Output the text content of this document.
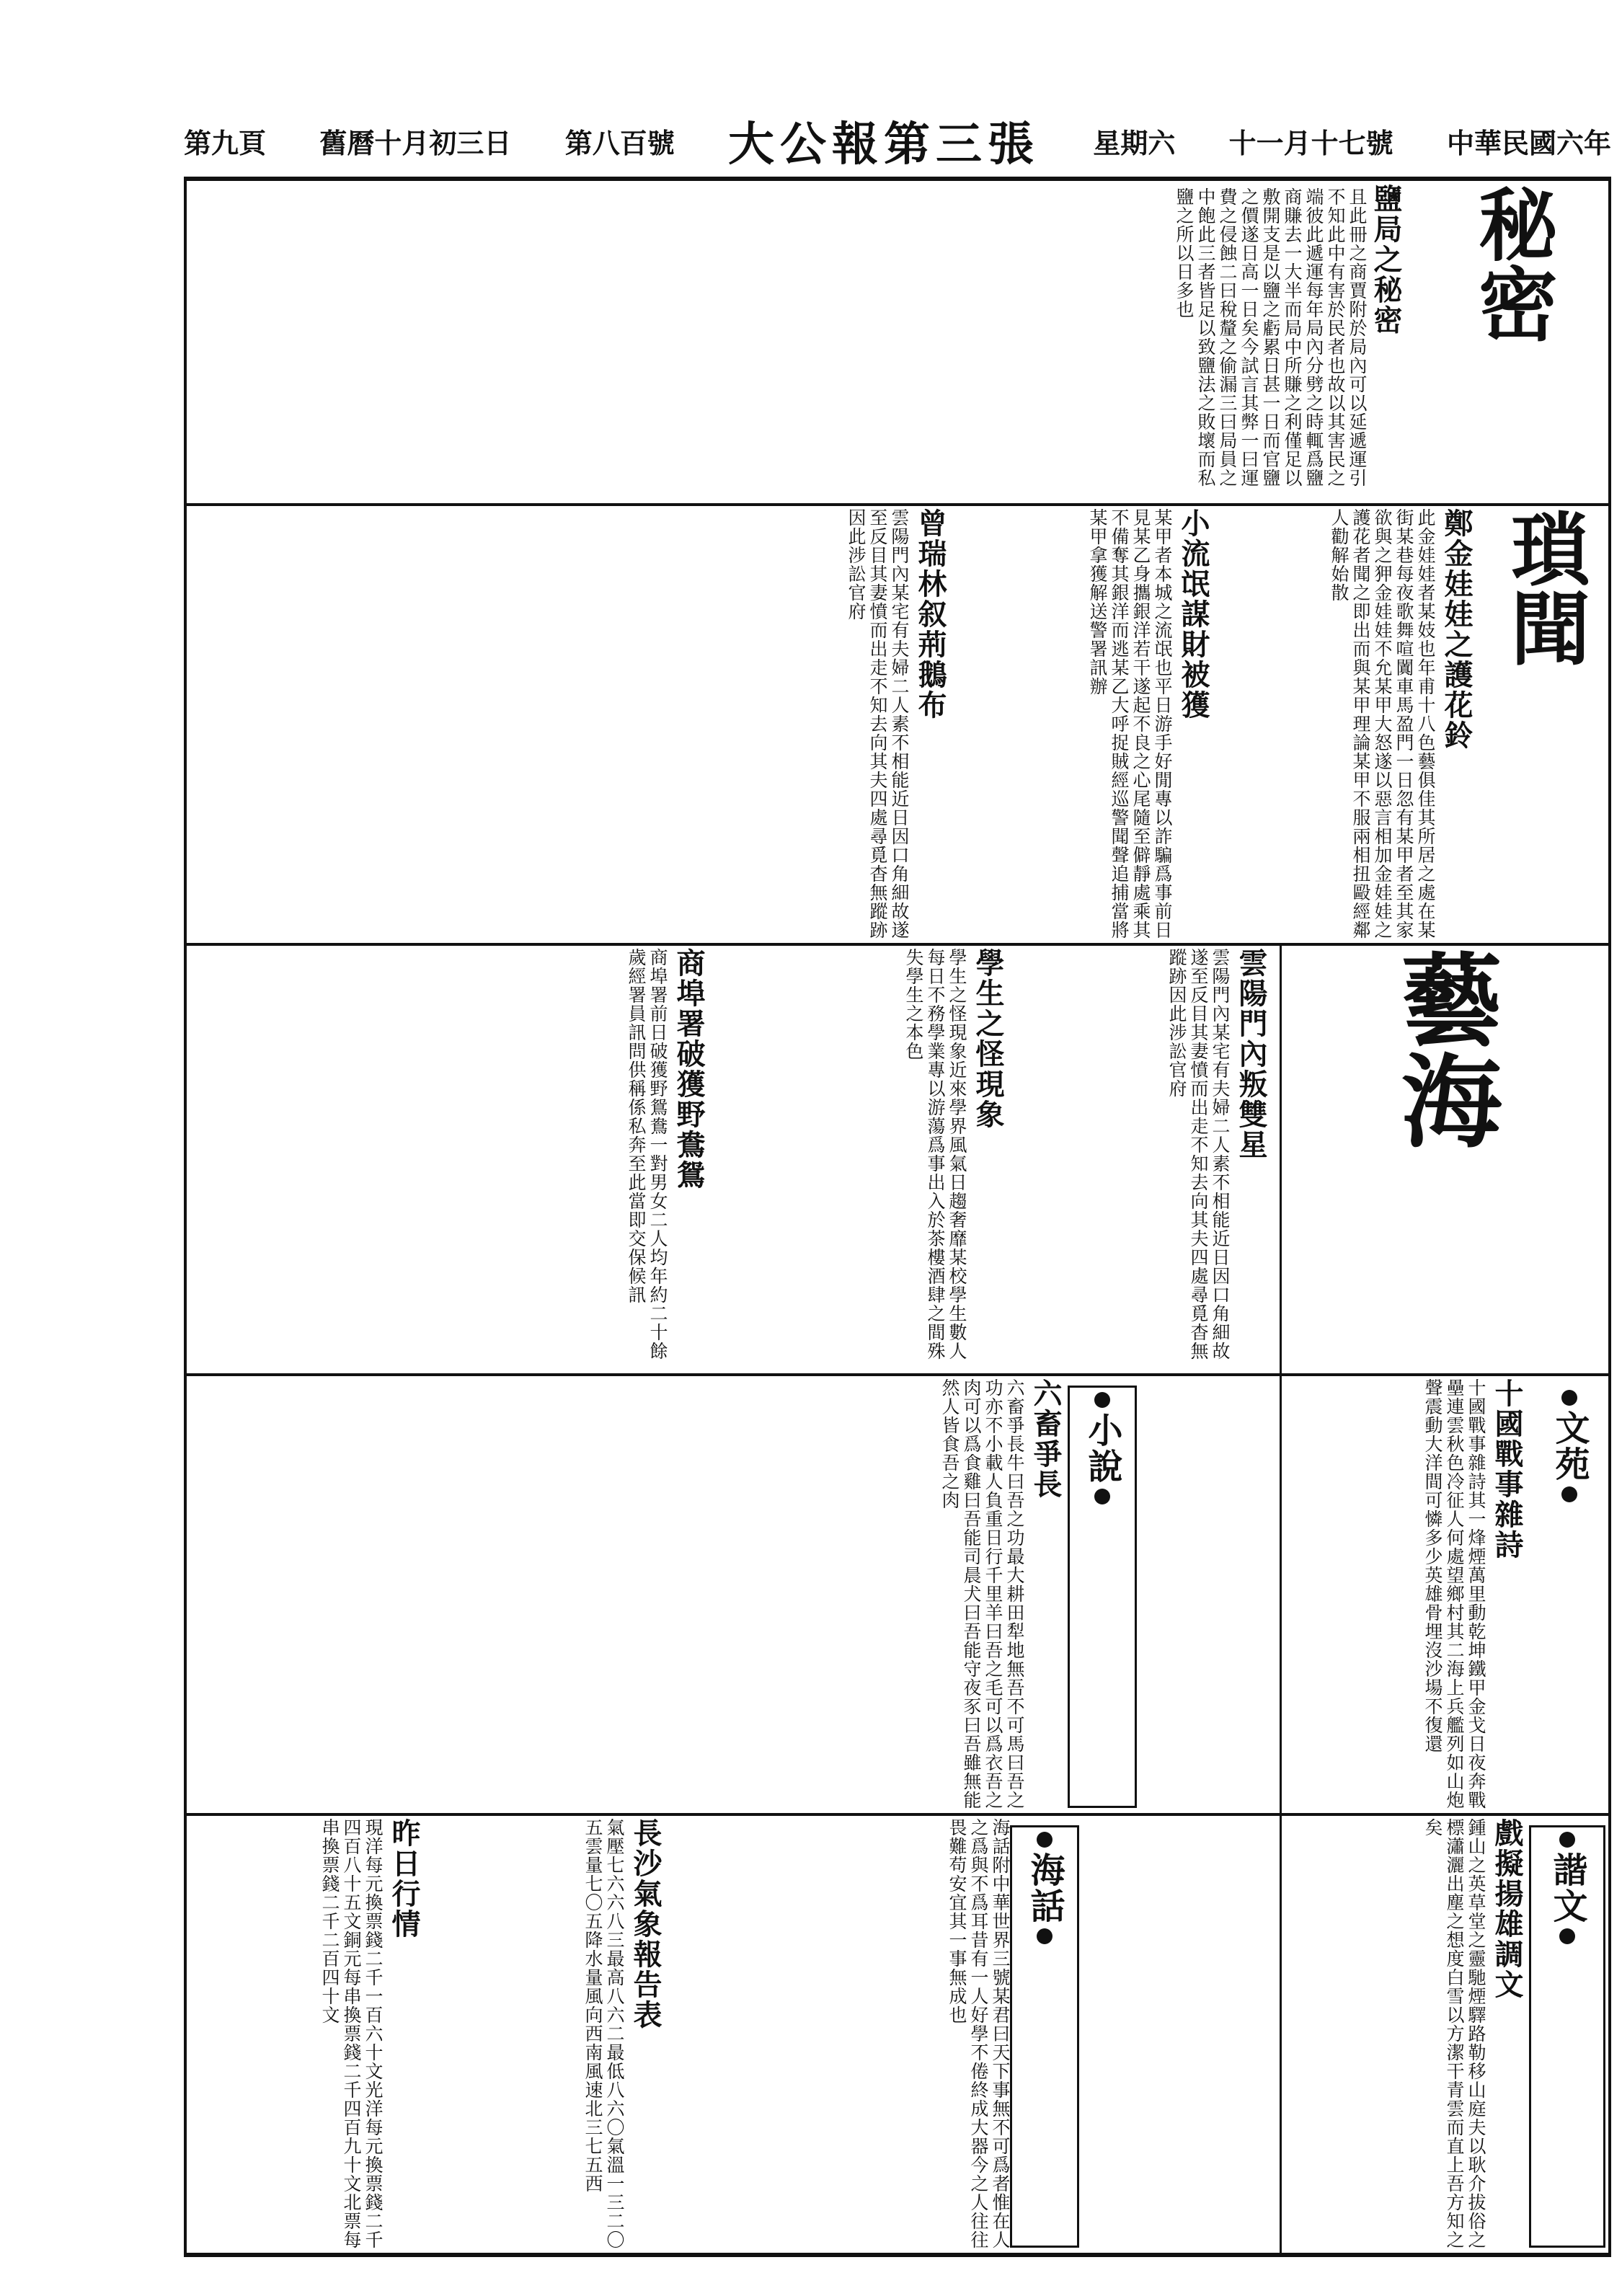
中華民國六年
十一月十七號
星期六
大公報第三張
第八百號
舊曆十月初三日
第九頁
秘密
鹽局之秘密
且此冊之商賈附於局內可以延遞運引不知此中有害於民者也故以其害民之端彼此遞運每年局內分劈之時輒爲鹽商賺去一大半而局中所賺之利僅足以敷開支是以鹽之虧累日甚一日而官鹽之價遂日高一日矣今試言其弊一曰運費之侵蝕二曰稅釐之偷漏三曰局員之中飽此三者皆足以致鹽法之敗壞而私鹽之所以日多也
瑣聞
鄭金娃娃之護花鈴
此金娃娃者某妓也年甫十八色藝俱佳其所居之處在某街某巷每夜歌舞喧闐車馬盈門一日忽有某甲者至其家欲與之狎金娃娃不允某甲大怒遂以惡言相加金娃娃之護花者聞之即出而與某甲理論某甲不服兩相扭毆經鄰人勸解始散
小流氓謀財被獲
某甲者本城之流氓也平日游手好閒專以詐騙爲事前日見某乙身攜銀洋若干遂起不良之心尾隨至僻靜處乘其不備奪其銀洋而逃某乙大呼捉賊經巡警聞聲追捕當將某甲拿獲解送警署訊辦
曾瑞林叙荊鵝布
雲陽門內某宅有夫婦二人素不相能近日因口角細故遂至反目其妻憤而出走不知去向其夫四處尋覓杳無蹤跡因此涉訟官府
藝海
雲陽門內叛雙星
雲陽門內某宅有夫婦二人素不相能近日因口角細故遂至反目其妻憤而出走不知去向其夫四處尋覓杳無蹤跡因此涉訟官府
學生之怪現象
學生之怪現象近來學界風氣日趨奢靡某校學生數人每日不務學業專以游蕩爲事出入於茶樓酒肆之間殊失學生之本色
商埠署破獲野鴦鴛
商埠署前日破獲野鴛鴦一對男女二人均年約二十餘歲經署員訊問供稱係私奔至此當即交保候訊
文苑
十國戰事雜詩
十國戰事雜詩其一烽煙萬里動乾坤鐵甲金戈日夜奔戰壘連雲秋色冷征人何處望鄉村其二海上兵艦列如山炮聲震動大洋間可憐多少英雄骨埋沒沙場不復還
小說
六畜爭長
六畜爭長牛曰吾之功最大耕田犁地無吾不可馬曰吾之功亦不小載人負重日行千里羊曰吾之毛可以爲衣吾之肉可以爲食雞曰吾能司晨犬曰吾能守夜豕曰吾雖無能然人皆食吾之肉
諧文
戲擬揚雄調文
鍾山之英草堂之靈馳煙驛路勒移山庭夫以耿介拔俗之標瀟灑出塵之想度白雪以方潔干青雲而直上吾方知之矣
海話
海話附中華世界三號某君曰天下事無不可爲者惟在人之爲與不爲耳昔有一人好學不倦終成大器今之人往往畏難苟安宜其一事無成也
長沙氣象報告表
氣壓七六六八三最高八六二最低八六〇氣溫一三二〇五雲量七〇五降水量風向西南風速北三七五西
昨日行情
現洋每元換票錢二千一百六十文光洋每元換票錢二千四百八十五文銅元每串換票錢二千四百九十文北票每串換票錢二千二百四十文
